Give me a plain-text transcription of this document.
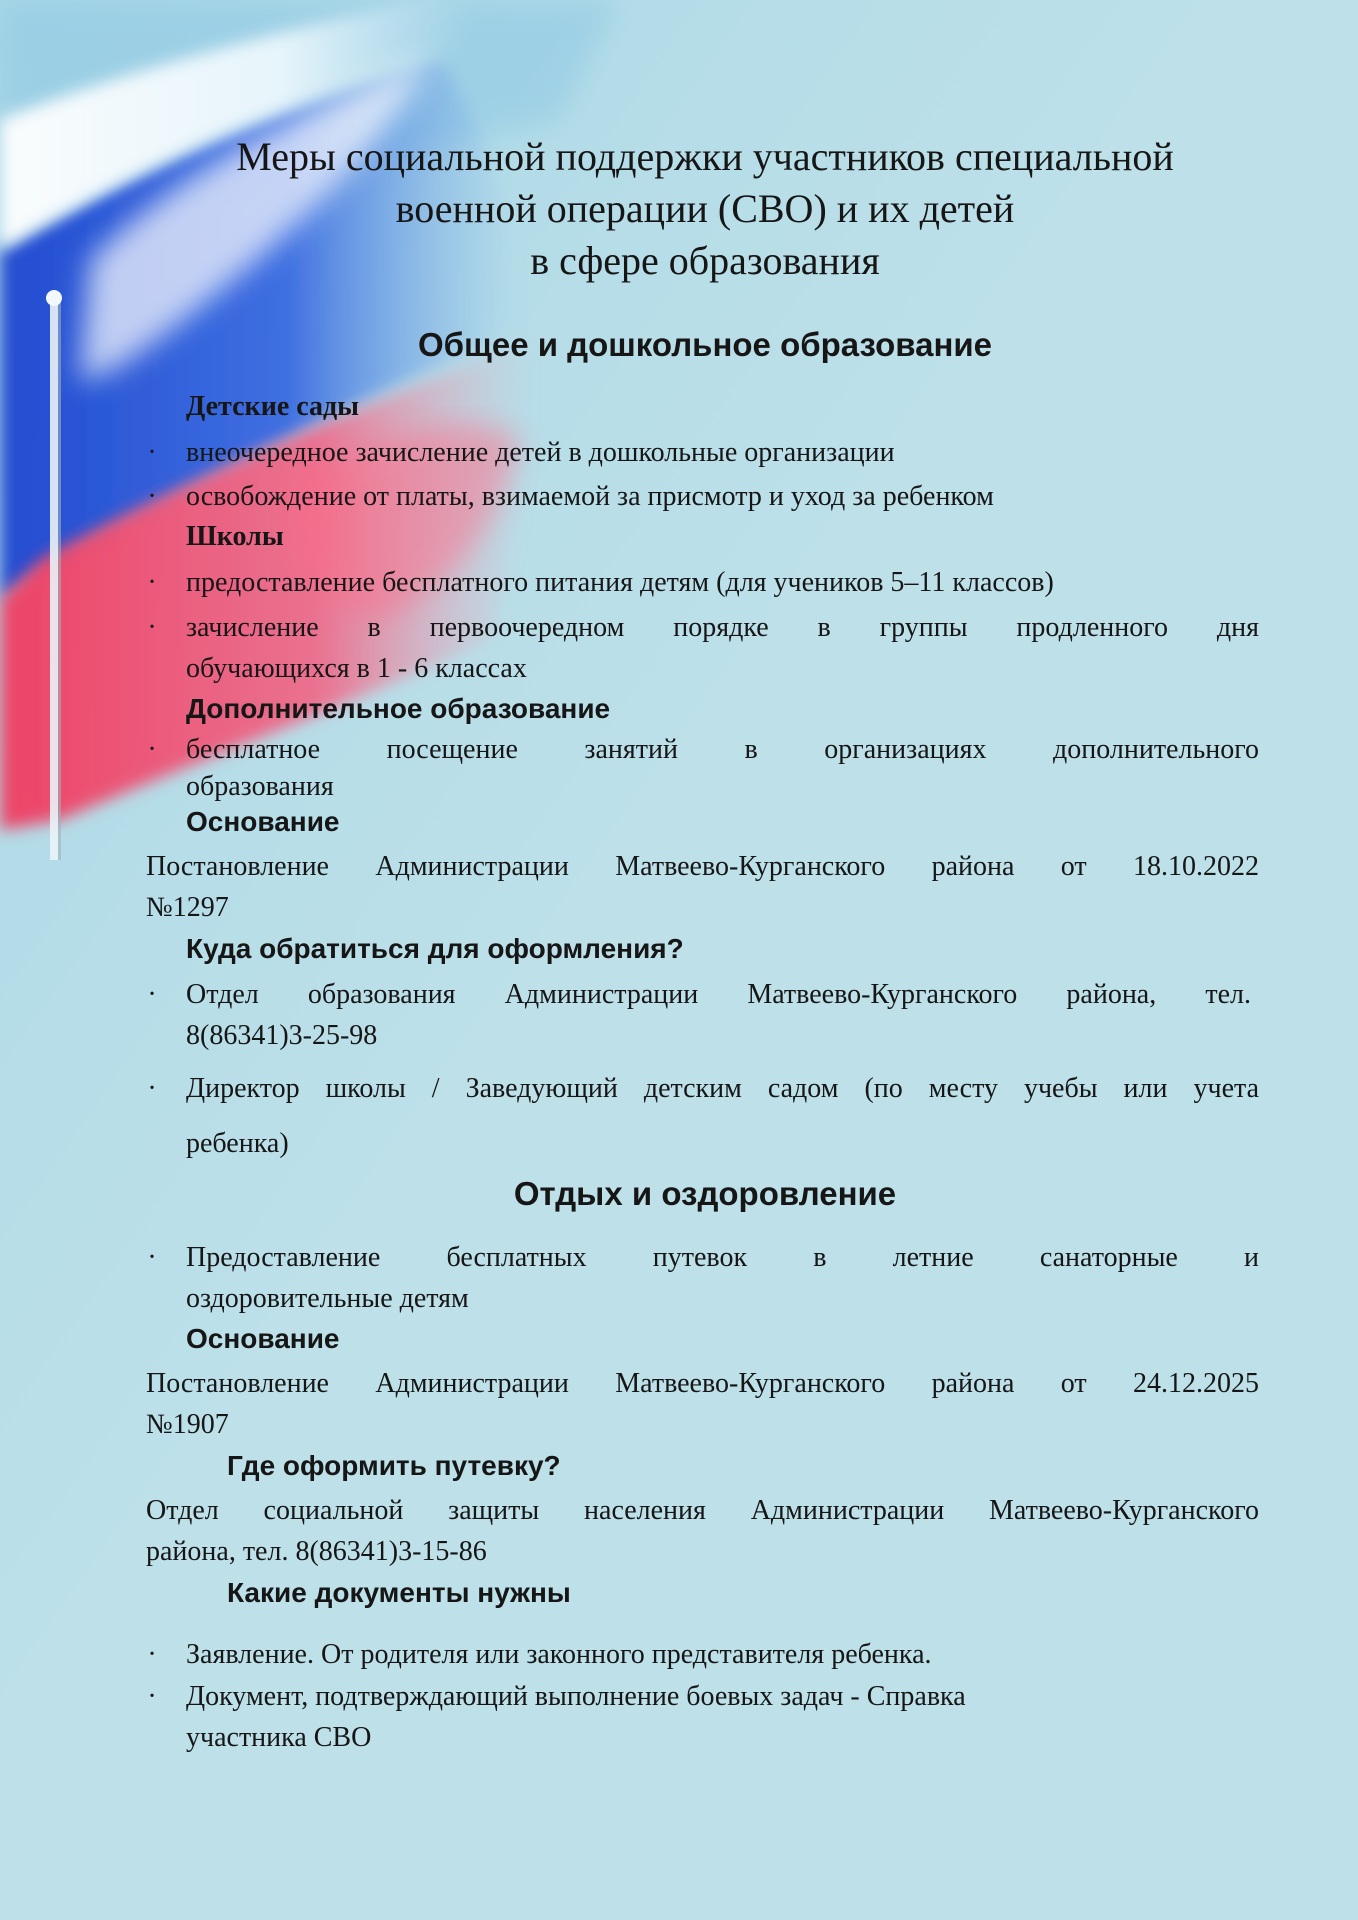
Меры социальной поддержки участников специальной
военной операции (СВО) и их детей
в сфере образования
Общее и дошкольное образование
Детские сады
· внеочередное зачисление детей в дошкольные организации
· освобождение от платы, взимаемой за присмотр и уход за ребенком
Школы
· предоставление бесплатного питания детям (для учеников 5–11 классов)
· зачисление в первоочередном порядке в группы продленного дня
обучающихся в 1 - 6 классах
Дополнительное образование
· бесплатное посещение занятий в организациях дополнительного
образования
Основание
Постановление Администрации Матвеево-Курганского района от 18.10.2022
№1297
Куда обратиться для оформления?
· Отдел образования Администрации Матвеево-Курганского района, тел.
8(86341)3-25-98
· Директор школы / Заведующий детским садом (по месту учебы или учета
ребенка)
Отдых и оздоровление
· Предоставление бесплатных путевок в летние санаторные и
оздоровительные детям
Основание
Постановление Администрации Матвеево-Курганского района от 24.12.2025
№1907
Где оформить путевку?
Отдел социальной защиты населения Администрации Матвеево-Курганского
района, тел. 8(86341)3-15-86
Какие документы нужны
· Заявление. От родителя или законного представителя ребенка.
· Документ, подтверждающий выполнение боевых задач - Справка
участника СВО
